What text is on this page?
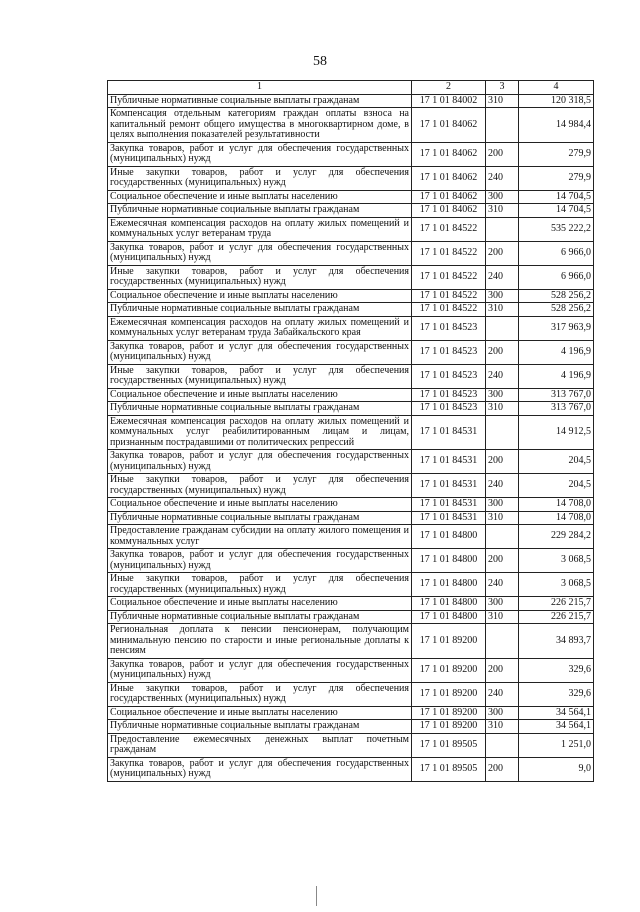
58
1	2	3	4
Публичные нормативные социальные выплаты гражданам	17 1 01 84002	310	120 318,5
Компенсация отдельным категориям граждан оплаты взноса на капитальный ремонт общего имущества в многоквартирном доме, в целях выполнения показателей результативности	17 1 01 84062		14 984,4
Закупка товаров, работ и услуг для обеспечения государственных (муниципальных) нужд	17 1 01 84062	200	279,9
Иные закупки товаров, работ и услуг для обеспечения государственных (муниципальных) нужд	17 1 01 84062	240	279,9
Социальное обеспечение и иные выплаты населению	17 1 01 84062	300	14 704,5
Публичные нормативные социальные выплаты гражданам	17 1 01 84062	310	14 704,5
Ежемесячная компенсация расходов на оплату жилых помещений и коммунальных услуг ветеранам труда	17 1 01 84522		535 222,2
Закупка товаров, работ и услуг для обеспечения государственных (муниципальных) нужд	17 1 01 84522	200	6 966,0
Иные закупки товаров, работ и услуг для обеспечения государственных (муниципальных) нужд	17 1 01 84522	240	6 966,0
Социальное обеспечение и иные выплаты населению	17 1 01 84522	300	528 256,2
Публичные нормативные социальные выплаты гражданам	17 1 01 84522	310	528 256,2
Ежемесячная компенсация расходов на оплату жилых помещений и коммунальных услуг ветеранам труда Забайкальского края	17 1 01 84523		317 963,9
Закупка товаров, работ и услуг для обеспечения государственных (муниципальных) нужд	17 1 01 84523	200	4 196,9
Иные закупки товаров, работ и услуг для обеспечения государственных (муниципальных) нужд	17 1 01 84523	240	4 196,9
Социальное обеспечение и иные выплаты населению	17 1 01 84523	300	313 767,0
Публичные нормативные социальные выплаты гражданам	17 1 01 84523	310	313 767,0
Ежемесячная компенсация расходов на оплату жилых помещений и коммунальных услуг реабилитированным лицам и лицам, признанным пострадавшими от политических репрессий	17 1 01 84531		14 912,5
Закупка товаров, работ и услуг для обеспечения государственных (муниципальных) нужд	17 1 01 84531	200	204,5
Иные закупки товаров, работ и услуг для обеспечения государственных (муниципальных) нужд	17 1 01 84531	240	204,5
Социальное обеспечение и иные выплаты населению	17 1 01 84531	300	14 708,0
Публичные нормативные социальные выплаты гражданам	17 1 01 84531	310	14 708,0
Предоставление гражданам субсидии на оплату жилого помещения и коммунальных услуг	17 1 01 84800		229 284,2
Закупка товаров, работ и услуг для обеспечения государственных (муниципальных) нужд	17 1 01 84800	200	3 068,5
Иные закупки товаров, работ и услуг для обеспечения государственных (муниципальных) нужд	17 1 01 84800	240	3 068,5
Социальное обеспечение и иные выплаты населению	17 1 01 84800	300	226 215,7
Публичные нормативные социальные выплаты гражданам	17 1 01 84800	310	226 215,7
Региональная доплата к пенсии пенсионерам, получающим минимальную пенсию по старости и иные региональные доплаты к пенсиям	17 1 01 89200		34 893,7
Закупка товаров, работ и услуг для обеспечения государственных (муниципальных) нужд	17 1 01 89200	200	329,6
Иные закупки товаров, работ и услуг для обеспечения государственных (муниципальных) нужд	17 1 01 89200	240	329,6
Социальное обеспечение и иные выплаты населению	17 1 01 89200	300	34 564,1
Публичные нормативные социальные выплаты гражданам	17 1 01 89200	310	34 564,1
Предоставление ежемесячных денежных выплат почетным гражданам	17 1 01 89505		1 251,0
Закупка товаров, работ и услуг для обеспечения государственных (муниципальных) нужд	17 1 01 89505	200	9,0
